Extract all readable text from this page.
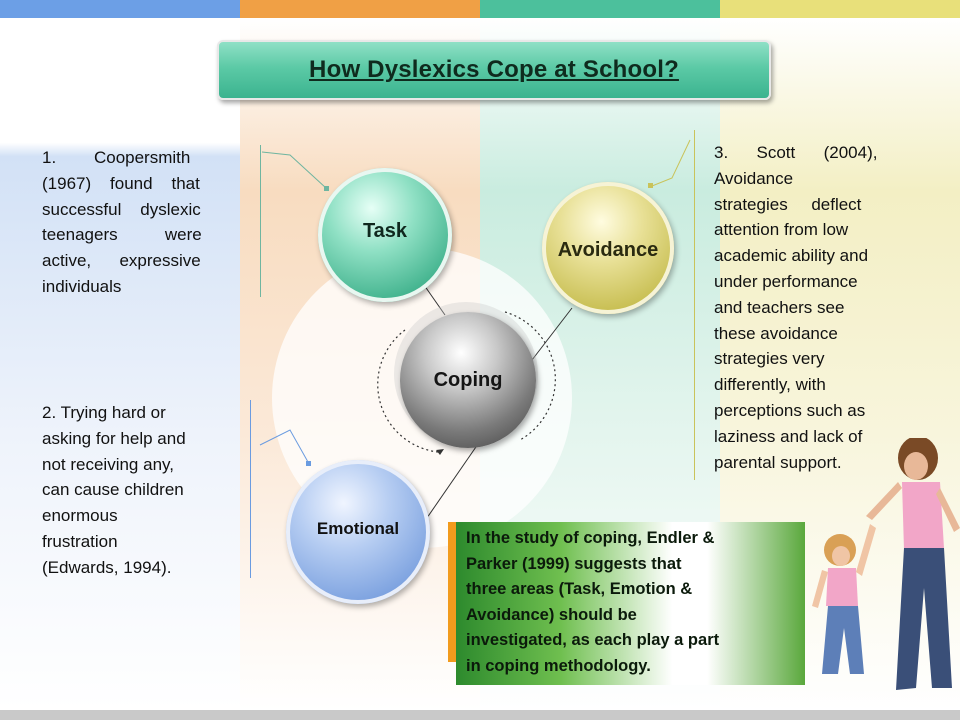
How Dyslexics Cope at School?
Task
Avoidance
Coping
Emotional
1.        Coopersmith
(1967)    found    that
successful    dyslexic
teenagers          were
active,      expressive
individuals
2. Trying hard or
asking for help and
not receiving any,
can cause children
enormous
frustration
(Edwards, 1994).
3.      Scott      (2004),
Avoidance
strategies     deflect
attention from low
academic ability and
under performance
and teachers see
these avoidance
strategies very
differently, with
perceptions such as
laziness and lack of
parental support.
In the study of coping, Endler &
Parker (1999) suggests that
three areas (Task, Emotion &
Avoidance) should be
investigated, as each play a part
in coping methodology.
